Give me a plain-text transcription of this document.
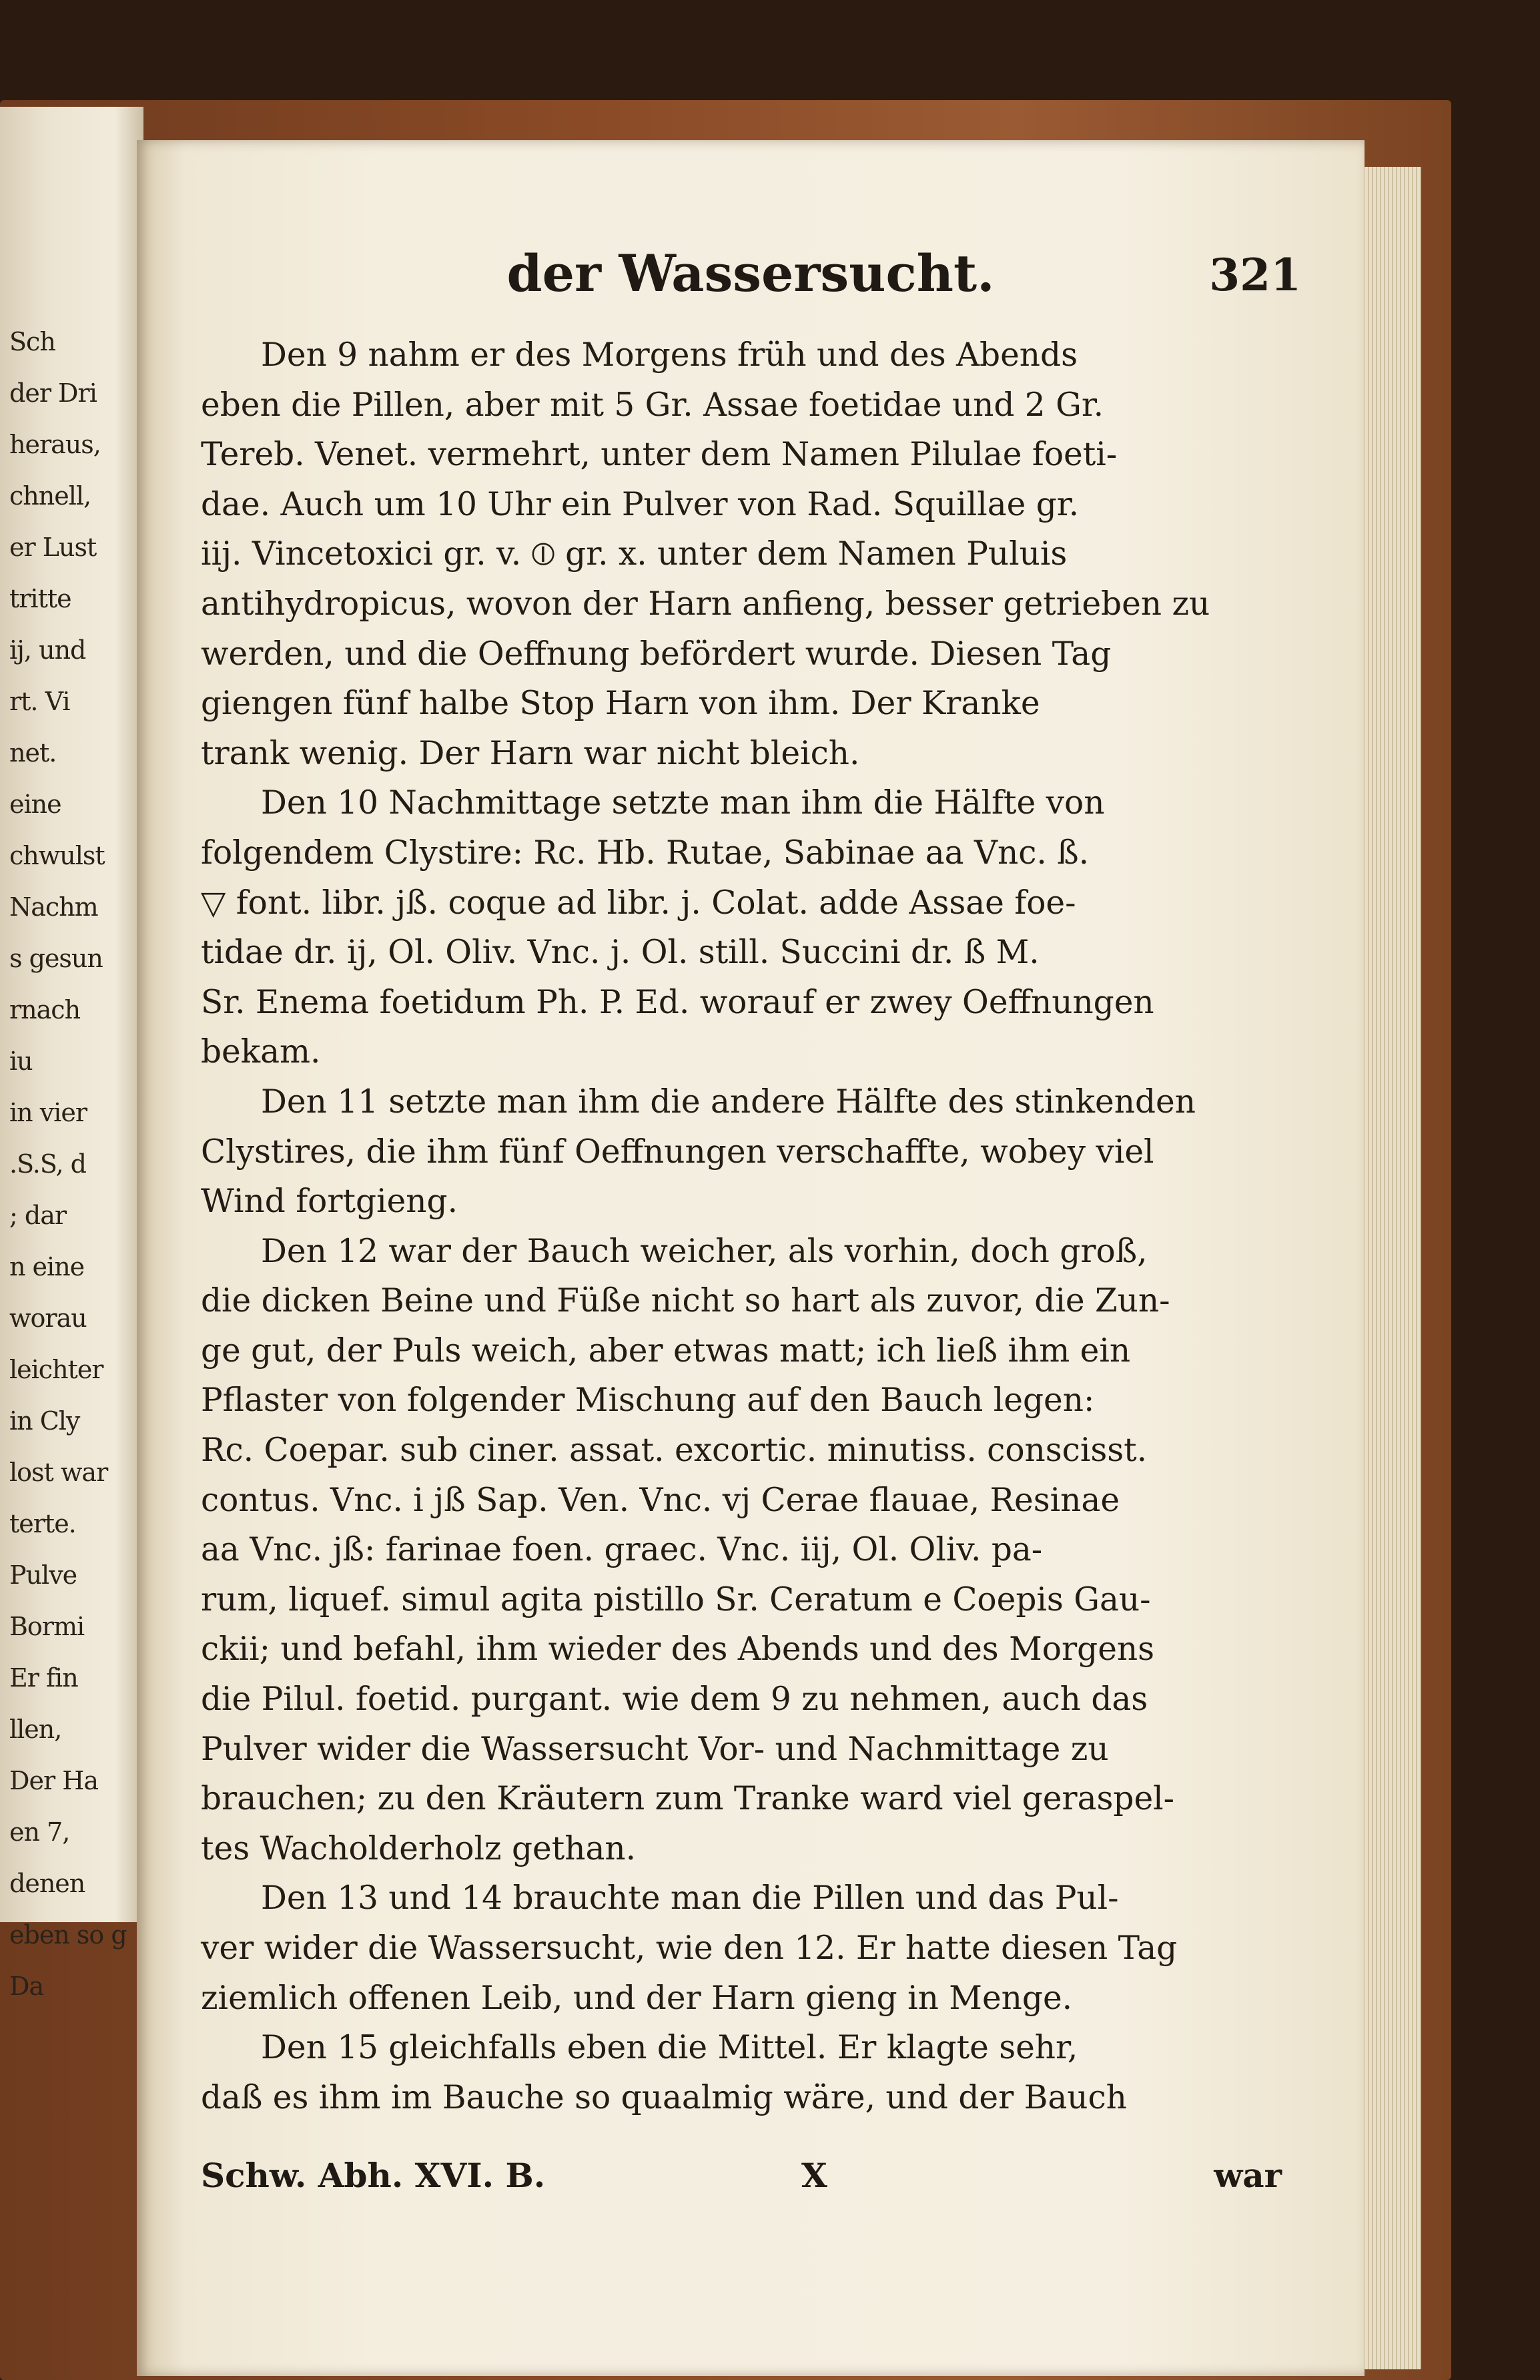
Sch
der Dri
heraus,
chnell,
er Lust
tritte
ij, und
rt. Vi
net.
eine
chwulst
Nachm
s gesun
rnach
iu
in vier
.S.S, d
; dar
n eine
worau
leichter
in Cly
lost war
terte.
Pulve
Bormi
Er fin
llen,
Der Ha
en 7,
denen
eben so g
Da
der Wassersucht.	321
Den 9 nahm er des Morgens früh und des Abends
eben die Pillen, aber mit 5 Gr. Assae foetidae und 2 Gr.
Tereb. Venet. vermehrt, unter dem Namen Pilulae foeti-
dae. Auch um 10 Uhr ein Pulver von Rad. Squillae gr.
iij. Vincetoxici gr. v. ⦶ gr. x. unter dem Namen Puluis
antihydropicus, wovon der Harn anfieng, besser getrieben zu
werden, und die Oeffnung befördert wurde. Diesen Tag
giengen fünf halbe Stop Harn von ihm. Der Kranke
trank wenig. Der Harn war nicht bleich.
Den 10 Nachmittage setzte man ihm die Hälfte von
folgendem Clystire: Rc. Hb. Rutae, Sabinae aa Vnc. ß.
▽ font. libr. jß. coque ad libr. j. Colat. adde Assae foe-
tidae dr. ij, Ol. Oliv. Vnc. j. Ol. still. Succini dr. ß M.
Sr. Enema foetidum Ph. P. Ed. worauf er zwey Oeffnungen
bekam.
Den 11 setzte man ihm die andere Hälfte des stinkenden
Clystires, die ihm fünf Oeffnungen verschaffte, wobey viel
Wind fortgieng.
Den 12 war der Bauch weicher, als vorhin, doch groß,
die dicken Beine und Füße nicht so hart als zuvor, die Zun-
ge gut, der Puls weich, aber etwas matt; ich ließ ihm ein
Pflaster von folgender Mischung auf den Bauch legen:
Rc. Coepar. sub ciner. assat. excortic. minutiss. conscisst.
contus. Vnc. i jß Sap. Ven. Vnc. vj Cerae flauae, Resinae
aa Vnc. jß: farinae foen. graec. Vnc. iij, Ol. Oliv. pa-
rum, liquef. simul agita pistillo Sr. Ceratum e Coepis Gau-
ckii; und befahl, ihm wieder des Abends und des Morgens
die Pilul. foetid. purgant. wie dem 9 zu nehmen, auch das
Pulver wider die Wassersucht Vor- und Nachmittage zu
brauchen; zu den Kräutern zum Tranke ward viel geraspel-
tes Wacholderholz gethan.
Den 13 und 14 brauchte man die Pillen und das Pul-
ver wider die Wassersucht, wie den 12. Er hatte diesen Tag
ziemlich offenen Leib, und der Harn gieng in Menge.
Den 15 gleichfalls eben die Mittel. Er klagte sehr,
daß es ihm im Bauche so quaalmig wäre, und der Bauch
Schw. Abh. XVI. B.	X	war
